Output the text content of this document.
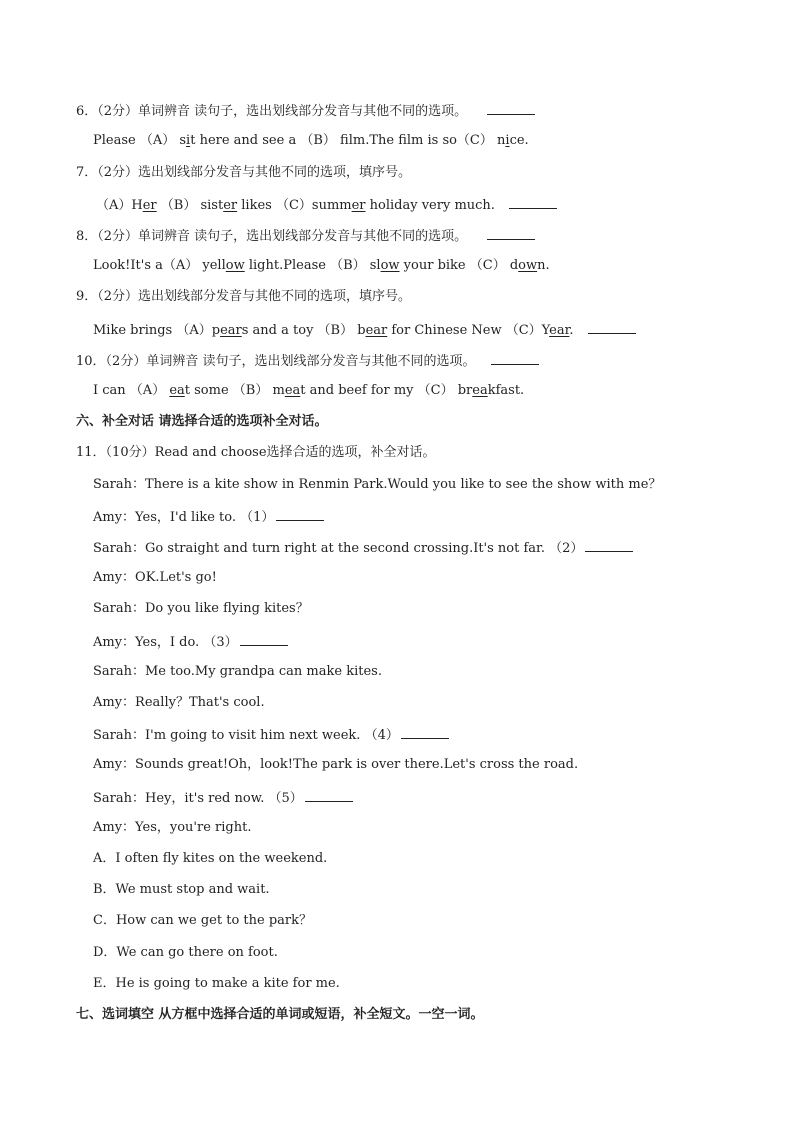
6．（2分）单词辨音 读句子，选出划线部分发音与其他不同的选项。
Please （A） sit here and see a （B） flm.The film is so（C） nice.
7．（2分）选出划线部分发音与其他不同的选项，填序号。
（A）Her （B） sister likes （C）summer holiday very much.
8．（2分）单词辨音 读句子，选出划线部分发音与其他不同的选项。
Look!It's a（A） yellow light.Please （B） slow your bike （C） down.
9．（2分）选出划线部分发音与其他不同的选项，填序号。
Mike brings （A）pears and a toy （B） bear for Chinese New （C）Year.
10．（2分）单词辨音 读句子，选出划线部分发音与其他不同的选项。
I can （A） eat some （B） meat and beef for my （C） breakfast.
六、补全对话 请选择合适的选项补全对话。
11．（10分）Read and choose选择合适的选项，补全对话。
Sarah：There is a kite show in Renmin Park.Would you like to see the show with me？
Amy：Yes，I'd like to. （1）
Sarah：Go straight and turn right at the second crossing.It's not far. （2）
Amy：OK.Let's go!
Sarah：Do you like flying kites？
Amy：Yes，I do. （3）
Sarah：Me too.My grandpa can make kites.
Amy：Really？That's cool.
Sarah：I'm going to visit him next week. （4）
Amy：Sounds great!Oh，look!The park is over there.Let's cross the road.
Sarah：Hey，it's red now. （5）
Amy：Yes，you're right.
A．I often fly kites on the weekend.
B．We must stop and wait.
C．How can we get to the park？
D．We can go there on foot.
E．He is going to make a kite for me.
七、选词填空 从方框中选择合适的单词或短语，补全短文。一空一词。
